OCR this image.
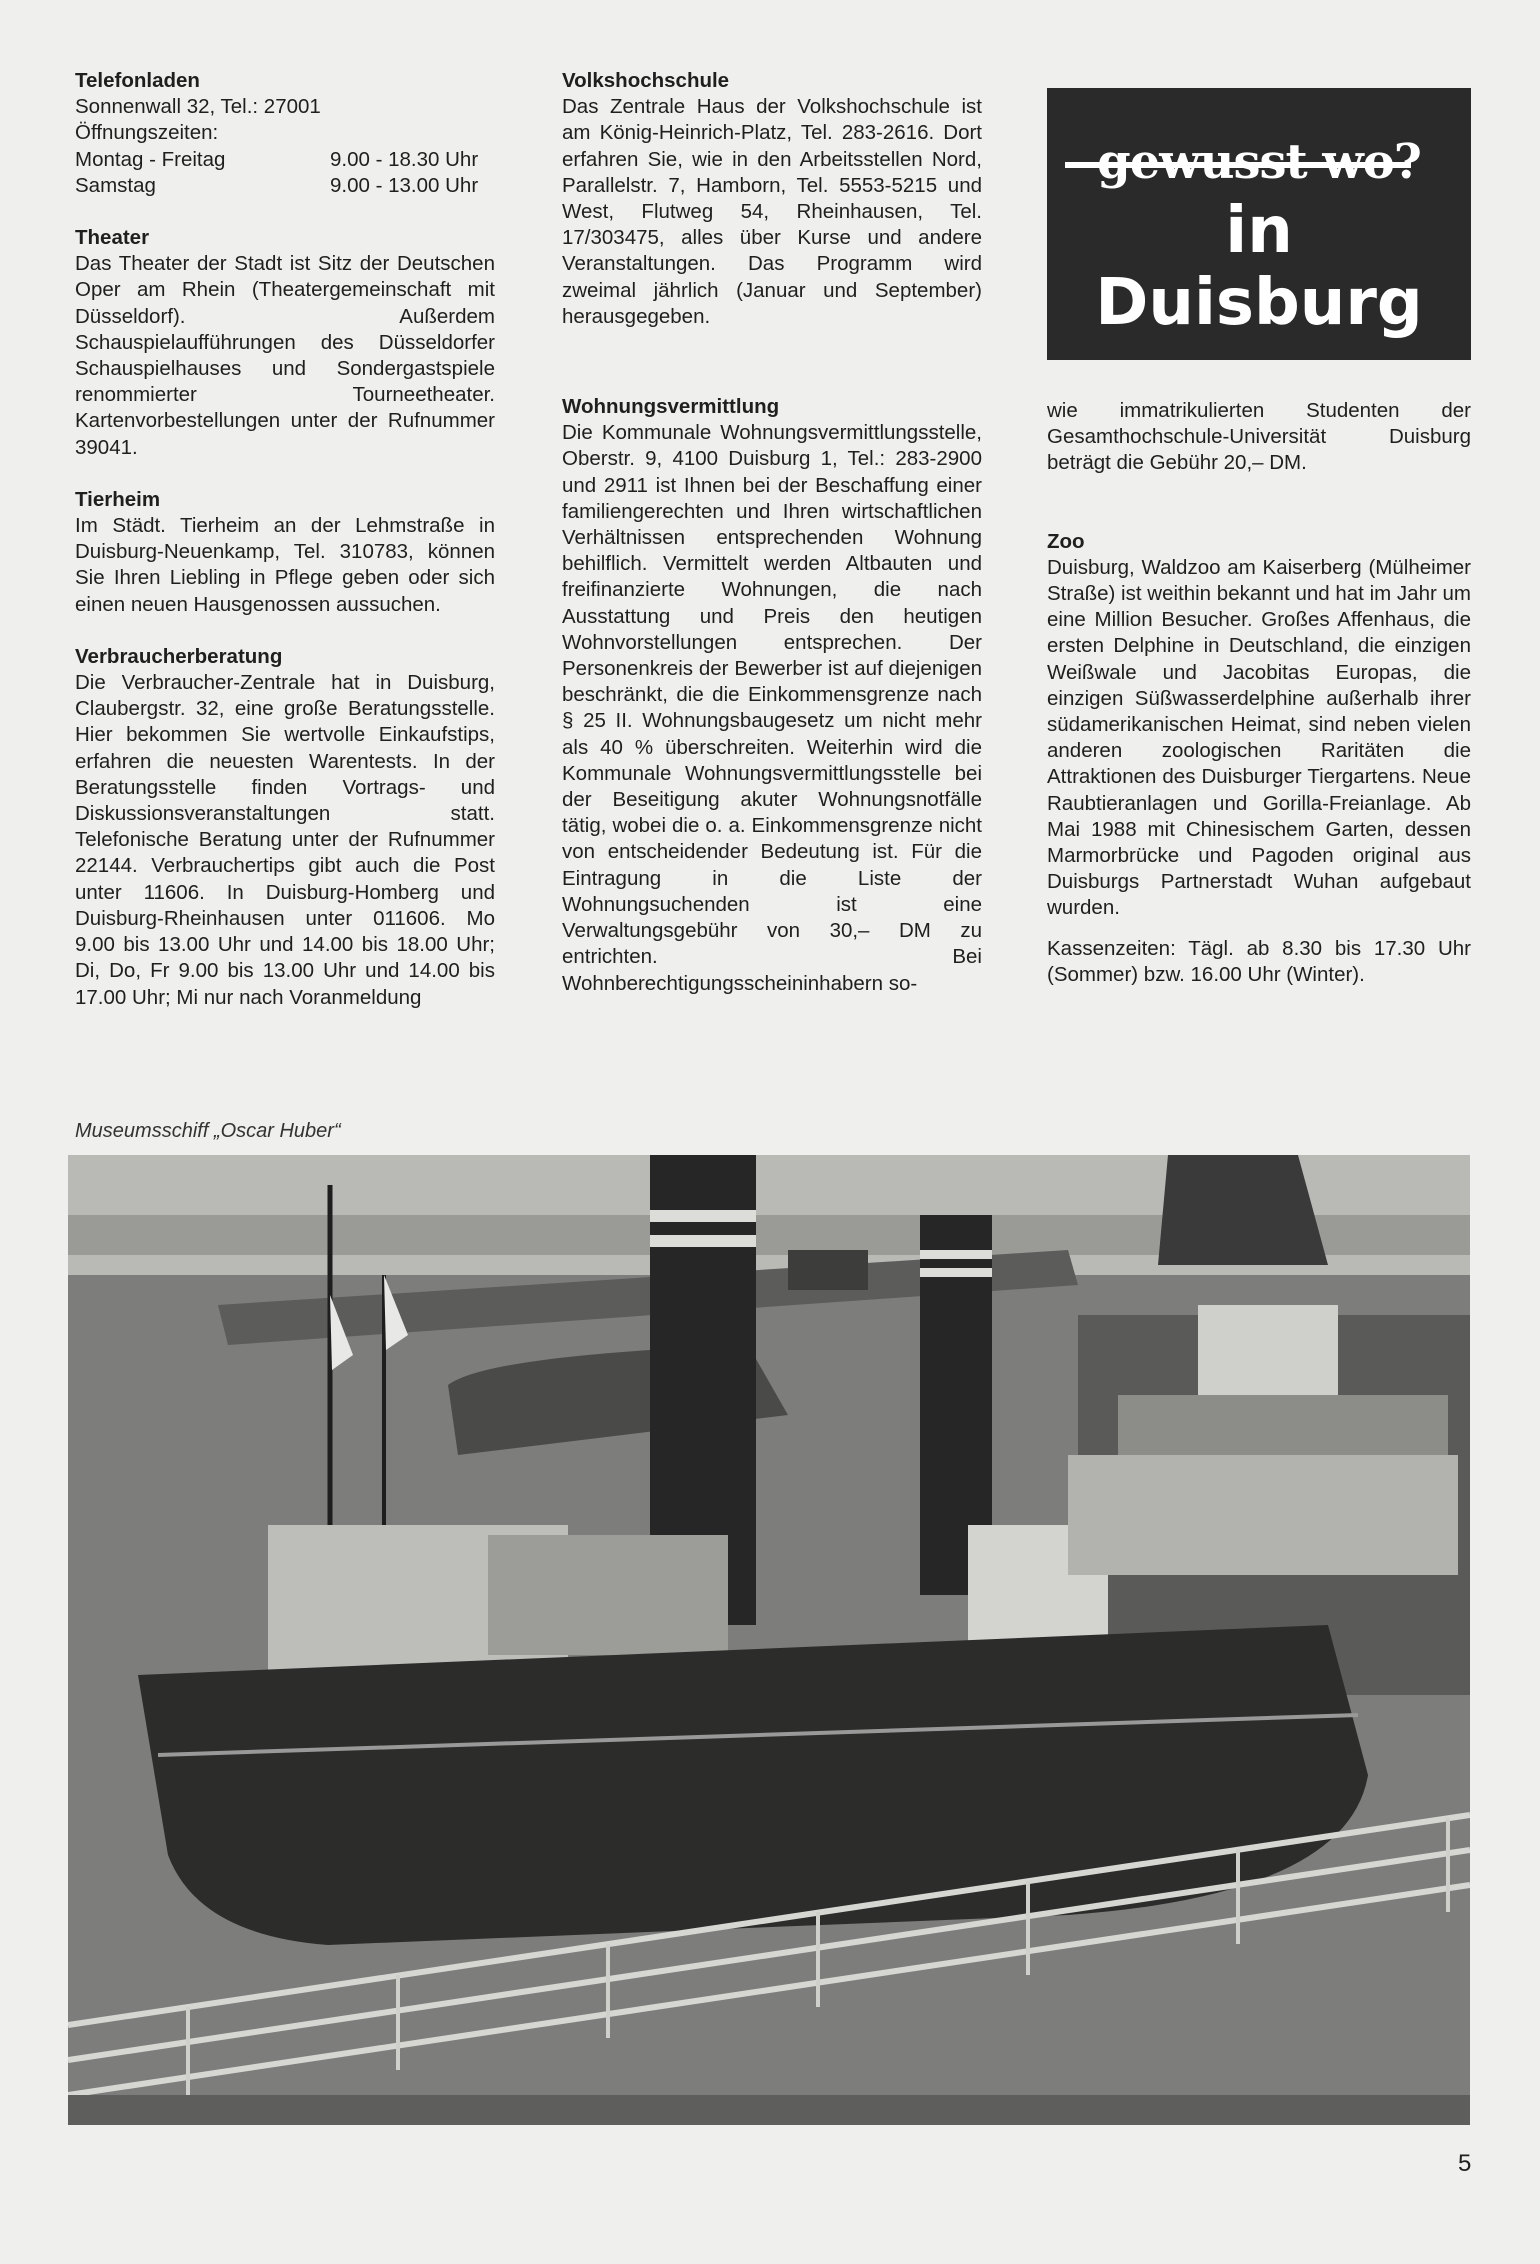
Telefonladen

Sonnenwall 32, Tel.: 27001

Öffnungszeiten:

Montag - Freitag	9.00 - 18.30 Uhr
Samstag	9.00 - 13.00 Uhr
Theater

Das Theater der Stadt ist Sitz der Deutschen Oper am Rhein (Theatergemeinschaft mit Düsseldorf). Außerdem Schauspielaufführungen des Düsseldorfer Schauspielhauses und Sondergastspiele renommierter Tourneetheater. Kartenvorbestellungen unter der Rufnummer 39041.

Tierheim

Im Städt. Tierheim an der Lehmstraße in Duisburg-Neuenkamp, Tel. 310783, können Sie Ihren Liebling in Pflege geben oder sich einen neuen Hausgenossen aussuchen.

Verbraucherberatung

Die Verbraucher-Zentrale hat in Duisburg, Claubergstr. 32, eine große Beratungsstelle. Hier bekommen Sie wertvolle Einkaufstips, erfahren die neuesten Warentests. In der Beratungsstelle finden Vortrags- und Diskussionsveranstaltungen statt. Telefonische Beratung unter der Rufnummer 22144. Verbrauchertips gibt auch die Post unter 11606. In Duisburg-Homberg und Duisburg-Rheinhausen unter 011606. Mo 9.00 bis 13.00 Uhr und 14.00 bis 18.00 Uhr; Di, Do, Fr 9.00 bis 13.00 Uhr und 14.00 bis 17.00 Uhr; Mi nur nach Voranmeldung

Volkshochschule

Das Zentrale Haus der Volkshochschule ist am König-Heinrich-Platz, Tel. 283-2616. Dort erfahren Sie, wie in den Arbeitsstellen Nord, Parallelstr. 7, Hamborn, Tel. 5553-5215 und West, Flutweg 54, Rheinhausen, Tel. 17/303475, alles über Kurse und andere Veranstaltungen. Das Programm wird zweimal jährlich (Januar und September) herausgegeben.

Wohnungsvermittlung

Die Kommunale Wohnungsvermittlungsstelle, Oberstr. 9, 4100 Duisburg 1, Tel.: 283-2900 und 2911 ist Ihnen bei der Beschaffung einer familiengerechten und Ihren wirtschaftlichen Verhältnissen entsprechenden Wohnung behilflich. Vermittelt werden Altbauten und freifinanzierte Wohnungen, die nach Ausstattung und Preis den heutigen Wohnvorstellungen entsprechen. Der Personenkreis der Bewerber ist auf diejenigen beschränkt, die die Einkommensgrenze nach § 25 II. Wohnungsbaugesetz um nicht mehr als 40 % überschreiten. Weiterhin wird die Kommunale Wohnungsvermittlungsstelle bei der Beseitigung akuter Wohnungsnotfälle tätig, wobei die o. a. Einkommensgrenze nicht von entscheidender Bedeutung ist. Für die Eintragung in die Liste der Wohnungsuchenden ist eine Verwaltungsgebühr von 30,– DM zu entrichten. Bei Wohnberechtigungsscheininhabern so-

gewusst wo?
in
Duisburg

wie immatrikulierten Studenten der Gesamthochschule-Universität Duisburg beträgt die Gebühr 20,– DM.

Zoo

Duisburg, Waldzoo am Kaiserberg (Mülheimer Straße) ist weithin bekannt und hat im Jahr um eine Million Besucher. Großes Affenhaus, die ersten Delphine in Deutschland, die einzigen Weißwale und Jacobitas Europas, die einzigen Süßwasserdelphine außerhalb ihrer südamerikanischen Heimat, sind neben vielen anderen zoologischen Raritäten die Attraktionen des Duisburger Tiergartens. Neue Raubtieranlagen und Gorilla-Freianlage. Ab Mai 1988 mit Chinesischem Garten, dessen Marmorbrücke und Pagoden original aus Duisburgs Partnerstadt Wuhan aufgebaut wurden.

Kassenzeiten: Tägl. ab 8.30 bis 17.30 Uhr (Sommer) bzw. 16.00 Uhr (Winter).

Museumsschiff „Oscar Huber“
5
